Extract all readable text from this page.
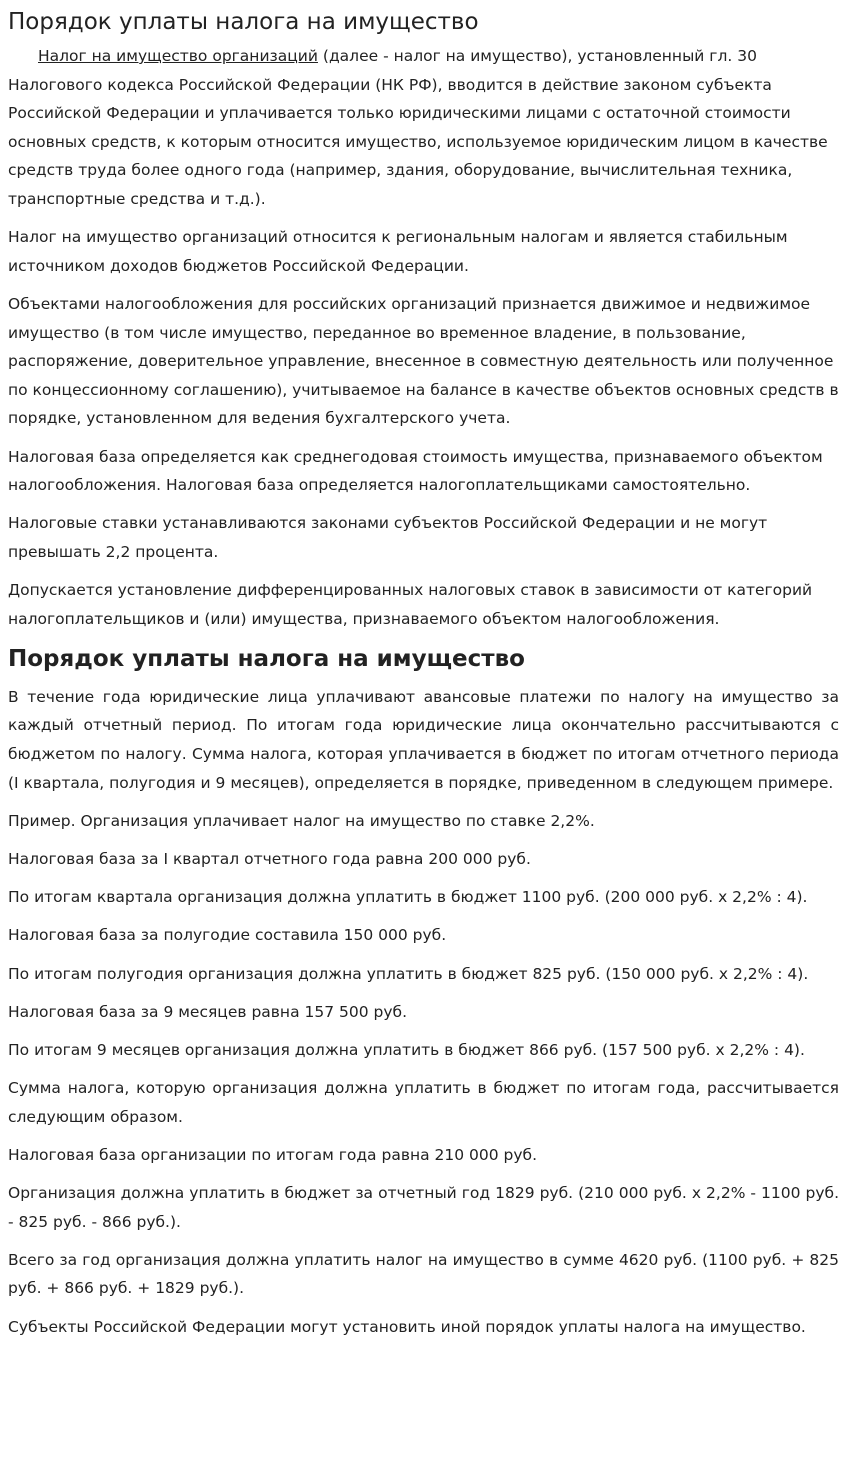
Порядок уплаты налога на имущество

Налог на имущество организаций (далее - налог на имущество), установленный гл. 30 Налогового кодекса Российской Федерации (НК РФ), вводится в действие законом субъекта Российской Федерации и уплачивается только юридическими лицами с остаточной стоимости основных средств, к которым относится имущество, используемое юридическим лицом в качестве средств труда более одного года (например, здания, оборудование, вычислительная техника, транспортные средства и т.д.).

Налог на имущество организаций относится к региональным налогам и является стабильным источником доходов бюджетов Российской Федерации.

Объектами налогообложения для российских организаций признается движимое и недвижимое имущество (в том числе имущество, переданное во временное владение, в пользование, распоряжение, доверительное управление, внесенное в совместную деятельность или полученное по концессионному соглашению), учитываемое на балансе в качестве объектов основных средств в порядке, установленном для ведения бухгалтерского учета.

Налоговая база определяется как среднегодовая стоимость имущества, признаваемого объектом налогообложения. Налоговая база определяется налогоплательщиками самостоятельно.

Налоговые ставки устанавливаются законами субъектов Российской Федерации и не могут превышать 2,2 процента.

Допускается установление дифференцированных налоговых ставок в зависимости от категорий налогоплательщиков и (или) имущества, признаваемого объектом налогообложения.

Порядок уплаты налога на имущество

В течение года юридические лица уплачивают авансовые платежи по налогу на имущество за каждый отчетный период. По итогам года юридические лица окончательно рассчитываются с бюджетом по налогу. Сумма налога, которая уплачивается в бюджет по итогам отчетного периода (I квартала, полугодия и 9 месяцев), определяется в порядке, приведенном в следующем примере.

Пример. Организация уплачивает налог на имущество по ставке 2,2%.

Налоговая база за I квартал отчетного года равна 200 000 руб.

По итогам квартала организация должна уплатить в бюджет 1100 руб. (200 000 руб. x 2,2% : 4).

Налоговая база за полугодие составила 150 000 руб.

По итогам полугодия организация должна уплатить в бюджет 825 руб. (150 000 руб. x 2,2% : 4).

Налоговая база за 9 месяцев равна 157 500 руб.

По итогам 9 месяцев организация должна уплатить в бюджет 866 руб. (157 500 руб. x 2,2% : 4).

Сумма налога, которую организация должна уплатить в бюджет по итогам года, рассчитывается следующим образом.

Налоговая база организации по итогам года равна 210 000 руб.

Организация должна уплатить в бюджет за отчетный год 1829 руб. (210 000 руб. x 2,2% - 1100 руб. - 825 руб. - 866 руб.).

Всего за год организация должна уплатить налог на имущество в сумме 4620 руб. (1100 руб. + 825 руб. + 866 руб. + 1829 руб.).

Субъекты Российской Федерации могут установить иной порядок уплаты налога на имущество.
